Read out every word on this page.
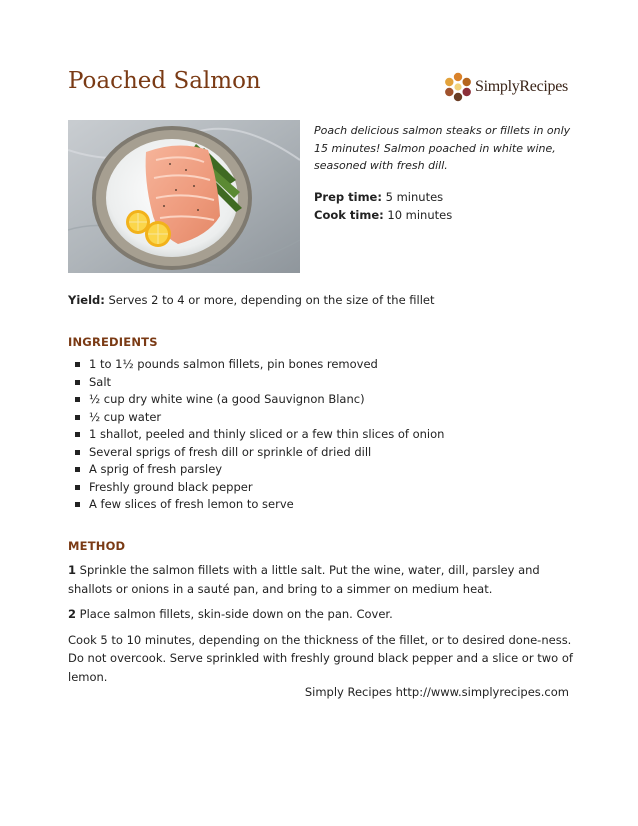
Poached Salmon	SimplyRecipes

Poach delicious salmon steaks or fillets in only 15 minutes! Salmon poached in white wine, seasoned with fresh dill.

Prep time: 5 minutes
Cook time: 10 minutes

Yield: Serves 2 to 4 or more, depending on the size of the fillet

INGREDIENTS
1 to 1½ pounds salmon fillets, pin bones removed
Salt
½ cup dry white wine (a good Sauvignon Blanc)
½ cup water
1 shallot, peeled and thinly sliced or a few thin slices of onion
Several sprigs of fresh dill or sprinkle of dried dill
A sprig of fresh parsley
Freshly ground black pepper
A few slices of fresh lemon to serve
METHOD

1 Sprinkle the salmon fillets with a little salt. Put the wine, water, dill, parsley and shallots or onions in a sauté pan, and bring to a simmer on medium heat.

2 Place salmon fillets, skin-side down on the pan. Cover.

Cook 5 to 10 minutes, depending on the thickness of the fillet, or to desired done-ness. Do not overcook. Serve sprinkled with freshly ground black pepper and a slice or two of lemon.

Simply Recipes http://www.simplyrecipes.com
